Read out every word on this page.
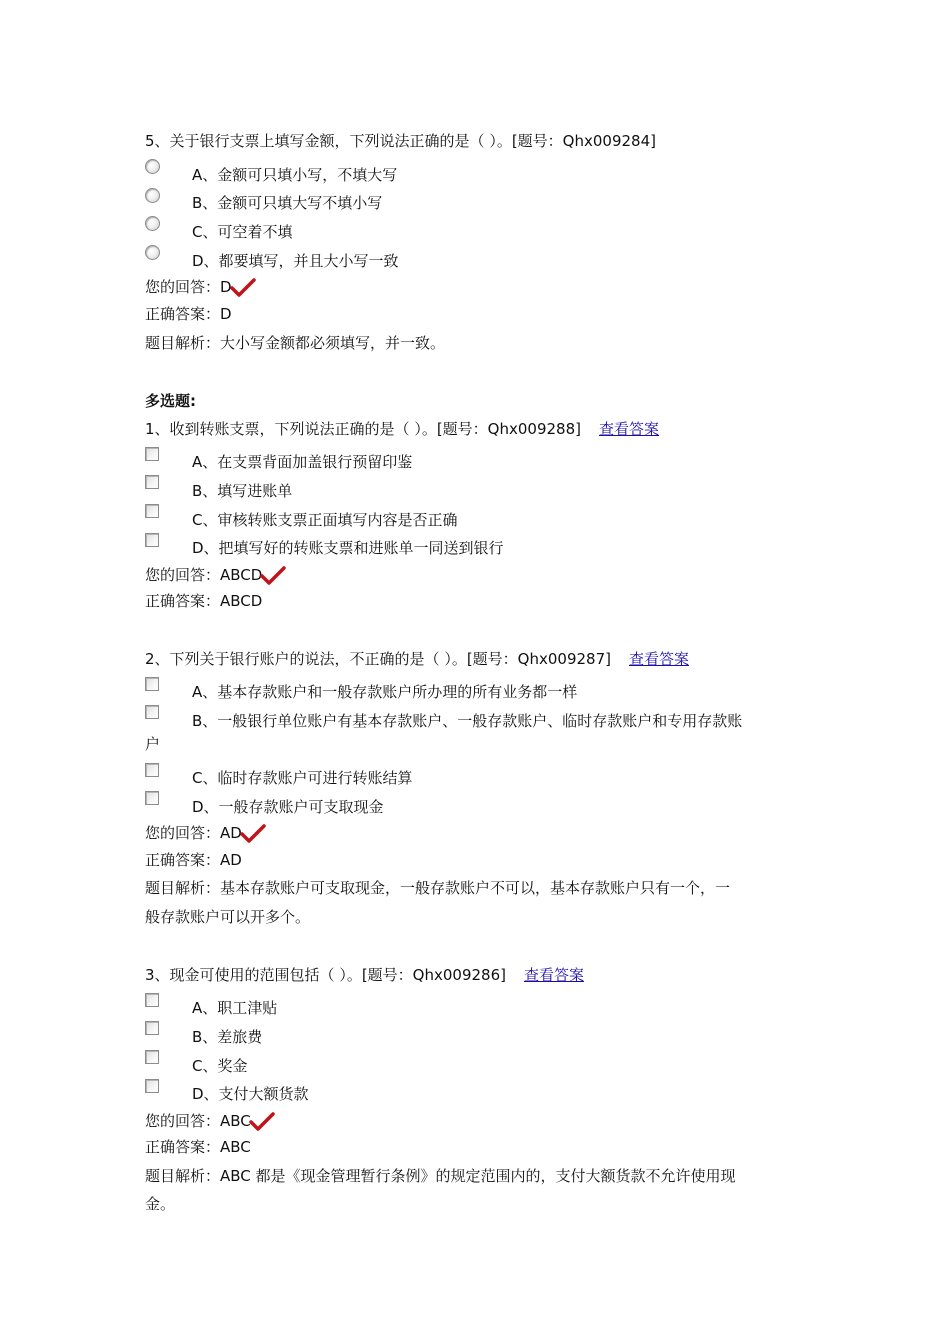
5、关于银行支票上填写金额，下列说法正确的是（ ）。[题号：Qhx009284]
A、金额可只填小写，不填大写
B、金额可只填大写不填小写
C、可空着不填
D、都要填写，并且大小写一致
您的回答：D
正确答案：D
题目解析：大小写金额都必须填写，并一致。
多选题:
1、收到转账支票，下列说法正确的是（ ）。[题号：Qhx009288] 查看答案
A、在支票背面加盖银行预留印鉴
B、填写进账单
C、审核转账支票正面填写内容是否正确
D、把填写好的转账支票和进账单一同送到银行
您的回答：ABCD
正确答案：ABCD
2、下列关于银行账户的说法，不正确的是（ ）。[题号：Qhx009287] 查看答案
A、基本存款账户和一般存款账户所办理的所有业务都一样
B、一般银行单位账户有基本存款账户、一般存款账户、临时存款账户和专用存款账
户
C、临时存款账户可进行转账结算
D、一般存款账户可支取现金
您的回答：AD
正确答案：AD
题目解析：基本存款账户可支取现金，一般存款账户不可以，基本存款账户只有一个，一
般存款账户可以开多个。
3、现金可使用的范围包括（ ）。[题号：Qhx009286] 查看答案
A、职工津贴
B、差旅费
C、奖金
D、支付大额货款
您的回答：ABC
正确答案：ABC
题目解析：ABC 都是《现金管理暂行条例》的规定范围内的，支付大额货款不允许使用现
金。
